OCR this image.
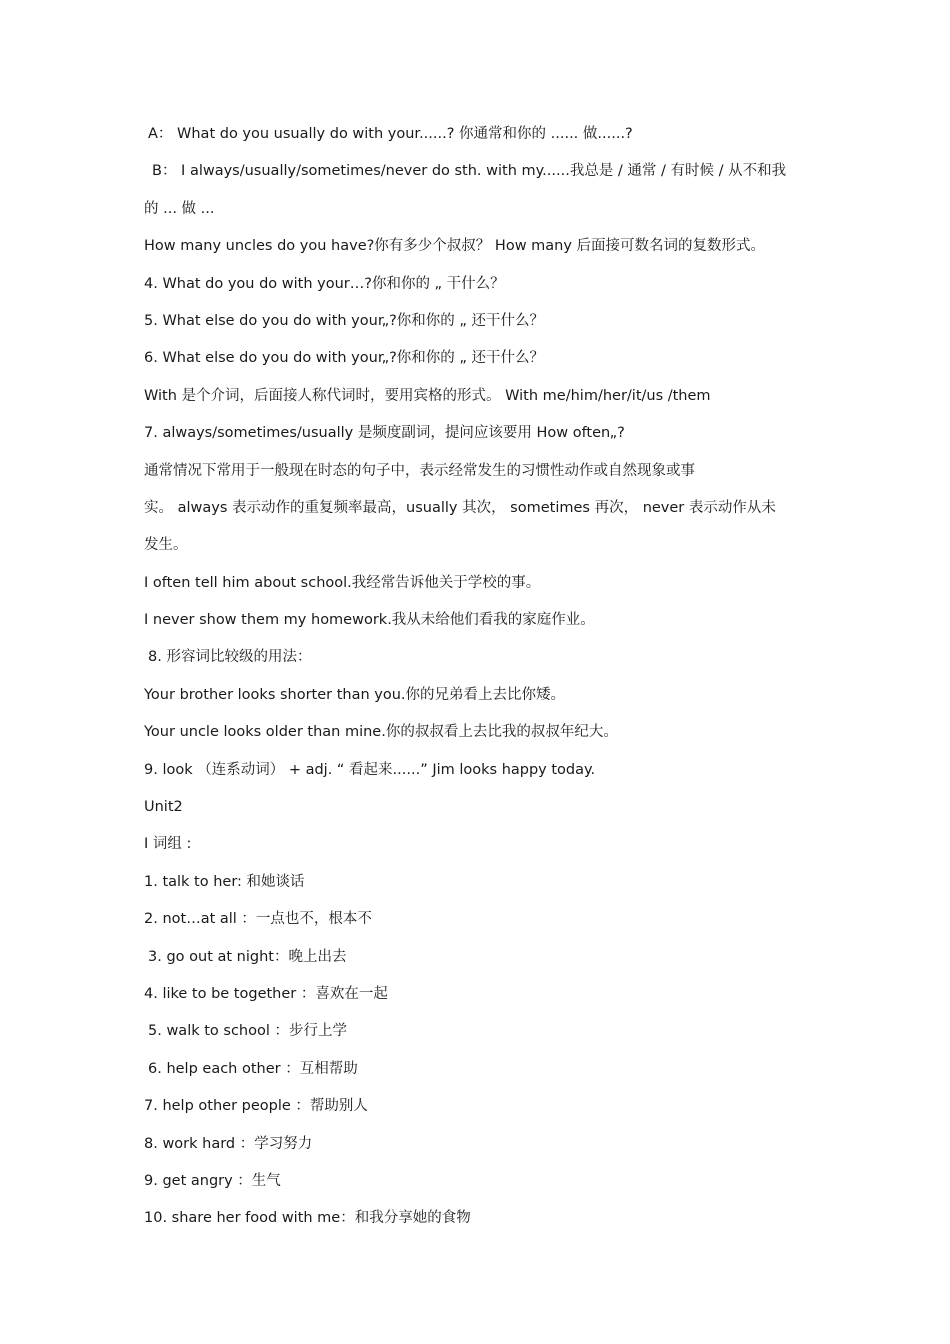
A： What do you usually do with your......? 你通常和你的 ...... 做......?
B： I always/usually/sometimes/never do sth. with my......我总是 / 通常 / 有时候 / 从不和我
的 ... 做 ...
How many uncles do you have?你有多少个叔叔？ How many 后面接可数名词的复数形式。
4. What do you do with your…?你和你的 „ 干什么？
5. What else do you do with your„?你和你的 „ 还干什么？
6. What else do you do with your„?你和你的 „ 还干什么？
With 是个介词，后面接人称代词时，要用宾格的形式。 With me/him/her/it/us /them
7. always/sometimes/usually 是频度副词，提问应该要用 How often„?
通常情况下常用于一般现在时态的句子中，表示经常发生的习惯性动作或自然现象或事
实。 always 表示动作的重复频率最高，usually 其次， sometimes 再次， never 表示动作从未
发生。
I often tell him about school.我经常告诉他关于学校的事。
I never show them my homework.我从未给他们看我的家庭作业。
8. 形容词比较级的用法：
Your brother looks shorter than you.你的兄弟看上去比你矮。
Your uncle looks older than mine.你的叔叔看上去比我的叔叔年纪大。
9. look （连系动词） + adj. “ 看起来......” Jim looks happy today.
Unit2
I 词组 :
1. talk to her: 和她谈话
2. not…at all ：一点也不，根本不
3. go out at night：晚上出去
4. like to be together ：喜欢在一起
5. walk to school ：步行上学
6. help each other ：互相帮助
7. help other people ：帮助别人
8. work hard ：学习努力
9. get angry ：生气
10. share her food with me：和我分享她的食物
